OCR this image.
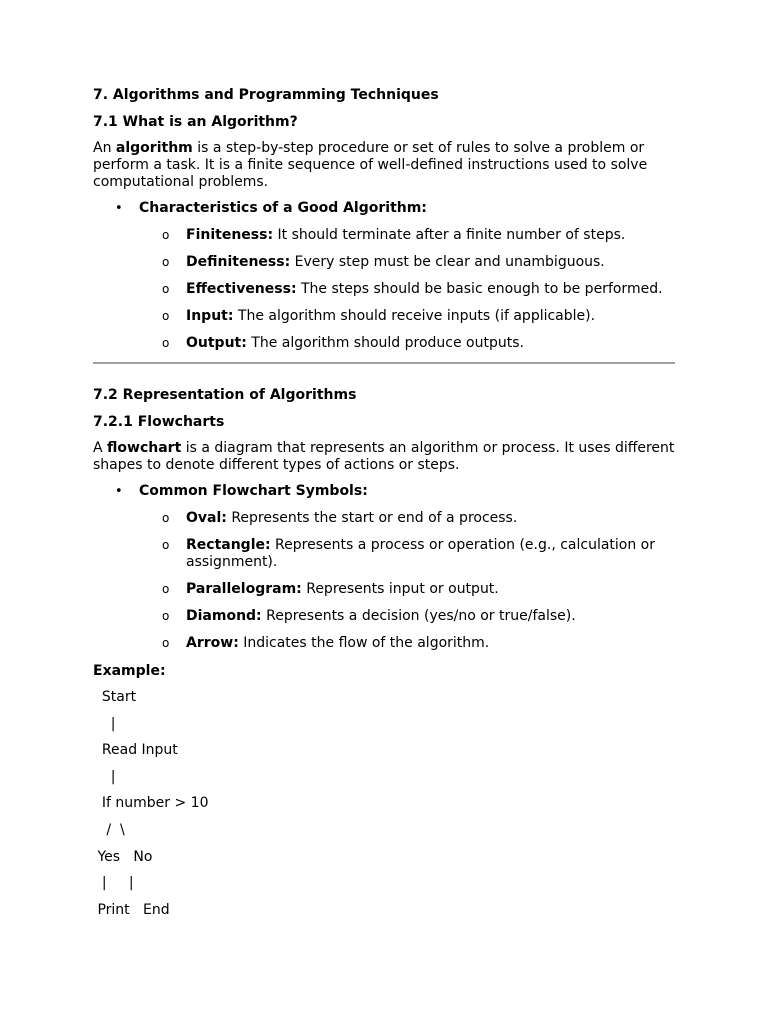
7. Algorithms and Programming Techniques
7.1 What is an Algorithm?
An algorithm is a step-by-step procedure or set of rules to solve a problem or perform a task. It is a finite sequence of well-defined instructions used to solve computational problems.
• Characteristics of a Good Algorithm:
o Finiteness: It should terminate after a finite number of steps.
o Definiteness: Every step must be clear and unambiguous.
o Effectiveness: The steps should be basic enough to be performed.
o Input: The algorithm should receive inputs (if applicable).
o Output: The algorithm should produce outputs.
7.2 Representation of Algorithms
7.2.1 Flowcharts
A flowchart is a diagram that represents an algorithm or process. It uses different shapes to denote different types of actions or steps.
• Common Flowchart Symbols:
o Oval: Represents the start or end of a process.
o Rectangle: Represents a process or operation (e.g., calculation or assignment).
o Parallelogram: Represents input or output.
o Diamond: Represents a decision (yes/no or true/false).
o Arrow: Indicates the flow of the algorithm.
Example:
Start
|
Read Input
|
If number > 10
/  \
Yes   No
|     |
Print   End
